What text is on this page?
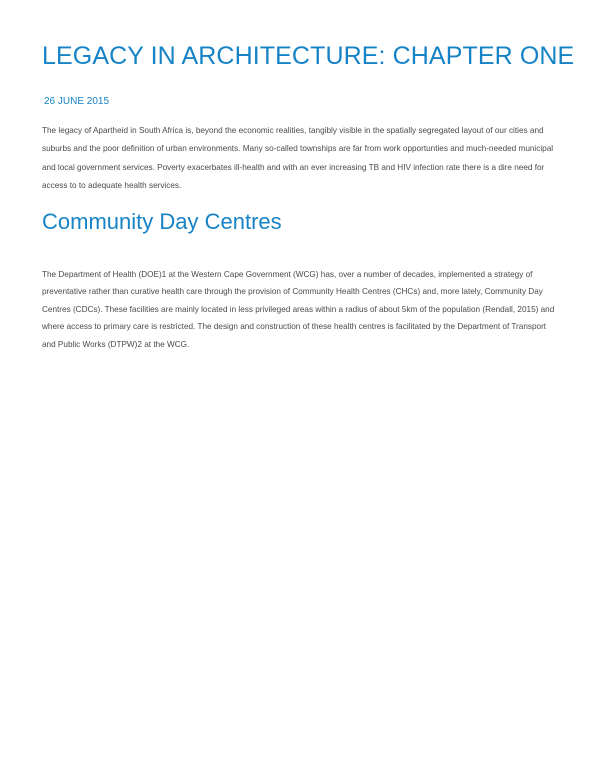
LEGACY IN ARCHITECTURE: CHAPTER ONE
26 JUNE 2015

The legacy of Apartheid in South Africa is, beyond the economic realities, tangibly visible in the spatially segregated layout of our cities and suburbs and the poor definition of urban environments. Many so-called townships are far from work opportunties and much-needed municipal and local government services. Poverty exacerbates ill-health and with an ever increasing TB and HIV infection rate there is a dire need for access to to adequate health services.

Community Day Centres

The Department of Health (DOE)1 at the Western Cape Government (WCG) has, over a number of decades, implemented a strategy of preventative rather than curative health care through the provision of Community Health Centres (CHCs) and, more lately, Community Day Centres (CDCs). These facilities are mainly located in less privileged areas within a radius of about 5km of the population (Rendall, 2015) and where access to primary care is restricted. The design and construction of these health centres is facilitated by the Department of Transport and Public Works (DTPW)2 at the WCG.
